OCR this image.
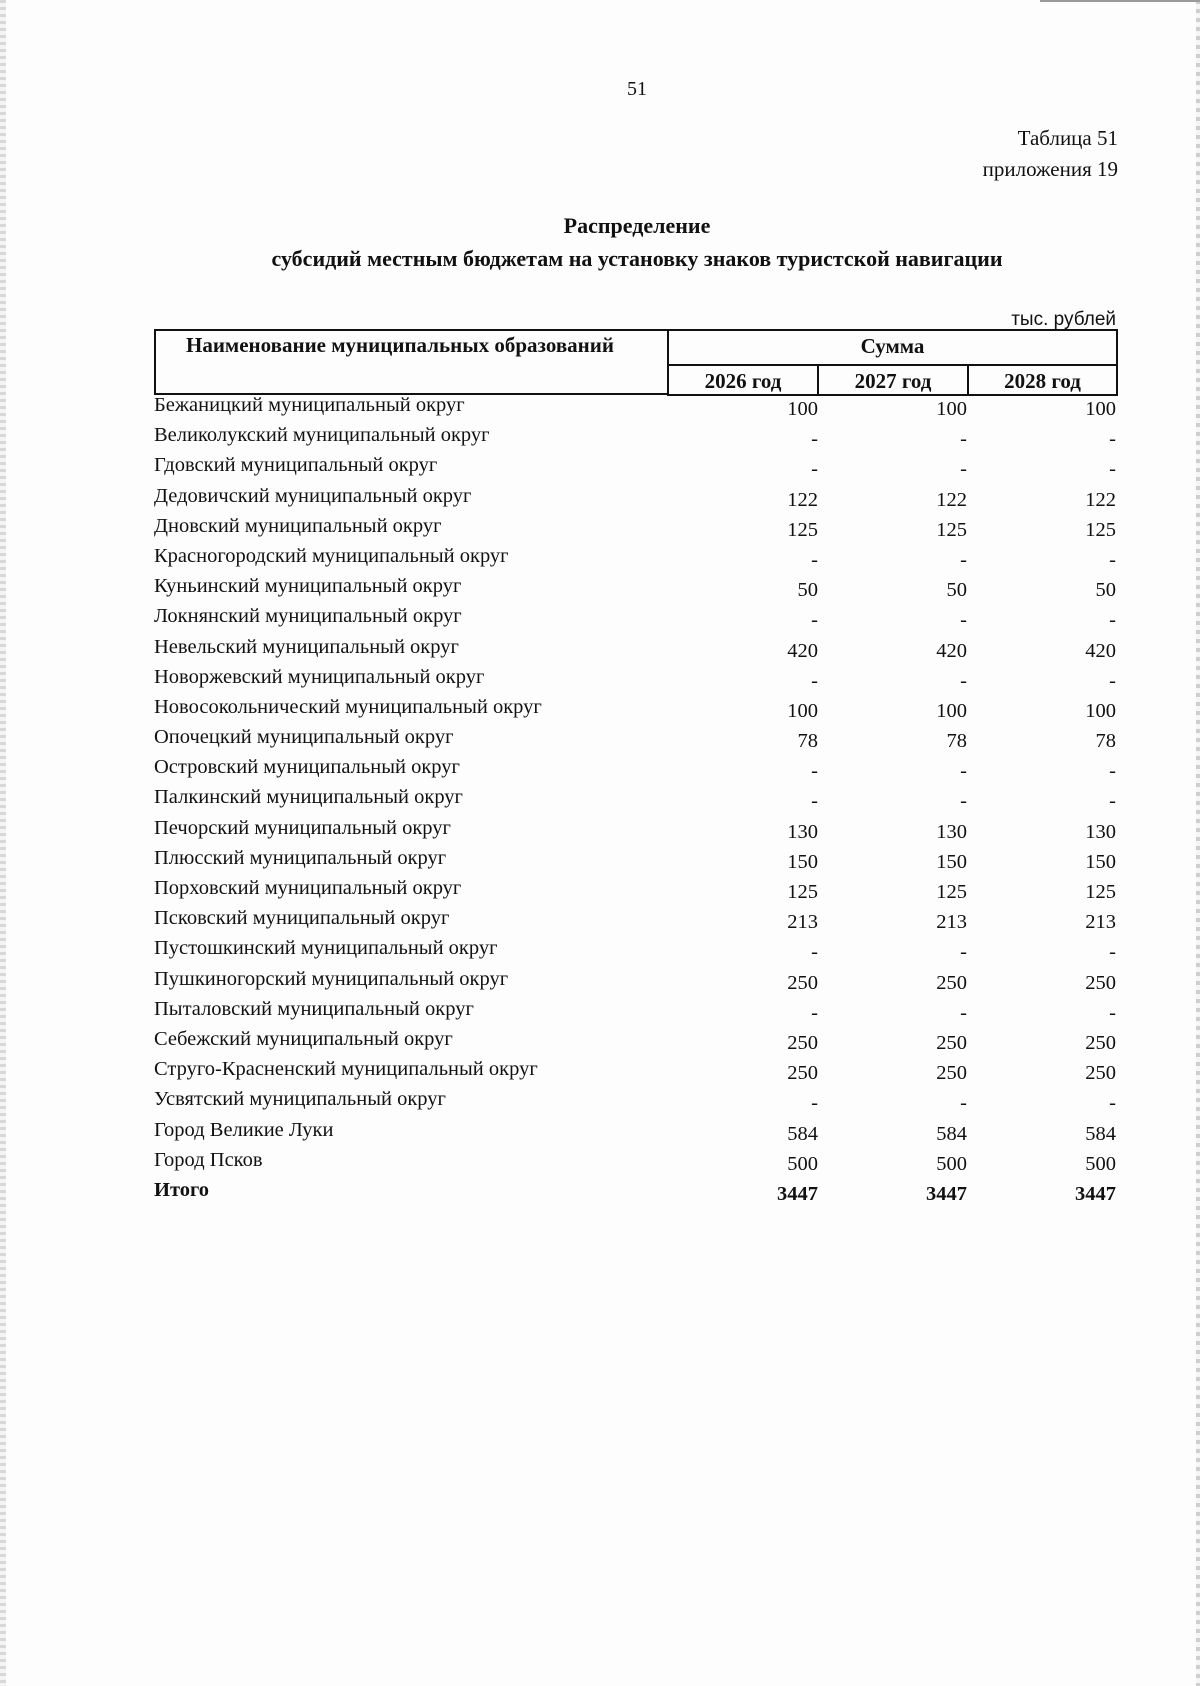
51
Таблица 51
приложения 19
Распределение
субсидий местным бюджетам на установку знаков туристской навигации
тыс. рублей
Наименование муниципальных образований	Сумма
2026 год	2027 год	2028 год
Бежаницкий муниципальный округ	100	100	100
Великолукский муниципальный округ	-	-	-
Гдовский муниципальный округ	-	-	-
Дедовичский муниципальный округ	122	122	122
Дновский муниципальный округ	125	125	125
Красногородский муниципальный округ	-	-	-
Куньинский муниципальный округ	50	50	50
Локнянский муниципальный округ	-	-	-
Невельский муниципальный округ	420	420	420
Новоржевский муниципальный округ	-	-	-
Новосокольнический муниципальный округ	100	100	100
Опочецкий муниципальный округ	78	78	78
Островский муниципальный округ	-	-	-
Палкинский муниципальный округ	-	-	-
Печорский муниципальный округ	130	130	130
Плюсский муниципальный округ	150	150	150
Порховский муниципальный округ	125	125	125
Псковский муниципальный округ	213	213	213
Пустошкинский муниципальный округ	-	-	-
Пушкиногорский муниципальный округ	250	250	250
Пыталовский муниципальный округ	-	-	-
Себежский муниципальный округ	250	250	250
Струго-Красненский муниципальный округ	250	250	250
Усвятский муниципальный округ	-	-	-
Город Великие Луки	584	584	584
Город Псков	500	500	500
Итого	3447	3447	3447
